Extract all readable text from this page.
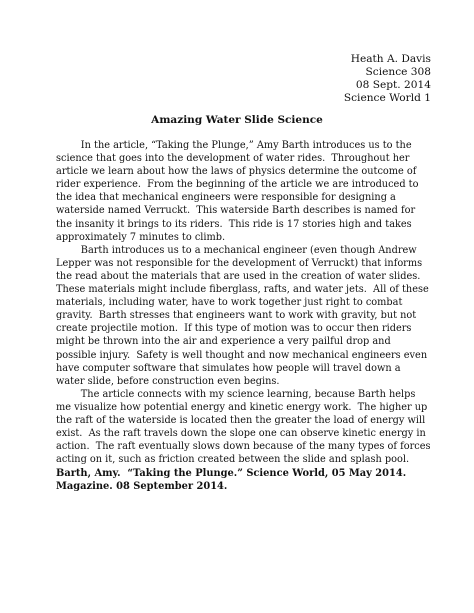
Heath A. Davis
Science 308
08 Sept. 2014
Science World 1
Amazing Water Slide Science
In the article, “Taking the Plunge,” Amy Barth introduces us to the
science that goes into the development of water rides.  Throughout her
article we learn about how the laws of physics determine the outcome of
rider experience.  From the beginning of the article we are introduced to
the idea that mechanical engineers were responsible for designing a
waterside named Verruckt.  This waterside Barth describes is named for
the insanity it brings to its riders.  This ride is 17 stories high and takes
approximately 7 minutes to climb.
Barth introduces us to a mechanical engineer (even though Andrew
Lepper was not responsible for the development of Verruckt) that informs
the read about the materials that are used in the creation of water slides.
These materials might include fiberglass, rafts, and water jets.  All of these
materials, including water, have to work together just right to combat
gravity.  Barth stresses that engineers want to work with gravity, but not
create projectile motion.  If this type of motion was to occur then riders
might be thrown into the air and experience a very pailful drop and
possible injury.  Safety is well thought and now mechanical engineers even
have computer software that simulates how people will travel down a
water slide, before construction even begins.
The article connects with my science learning, because Barth helps
me visualize how potential energy and kinetic energy work.  The higher up
the raft of the waterside is located then the greater the load of energy will
exist.  As the raft travels down the slope one can observe kinetic energy in
action.  The raft eventually slows down because of the many types of forces
acting on it, such as friction created between the slide and splash pool.
Barth, Amy.  “Taking the Plunge.” Science World, 05 May 2014.
Magazine. 08 September 2014.
